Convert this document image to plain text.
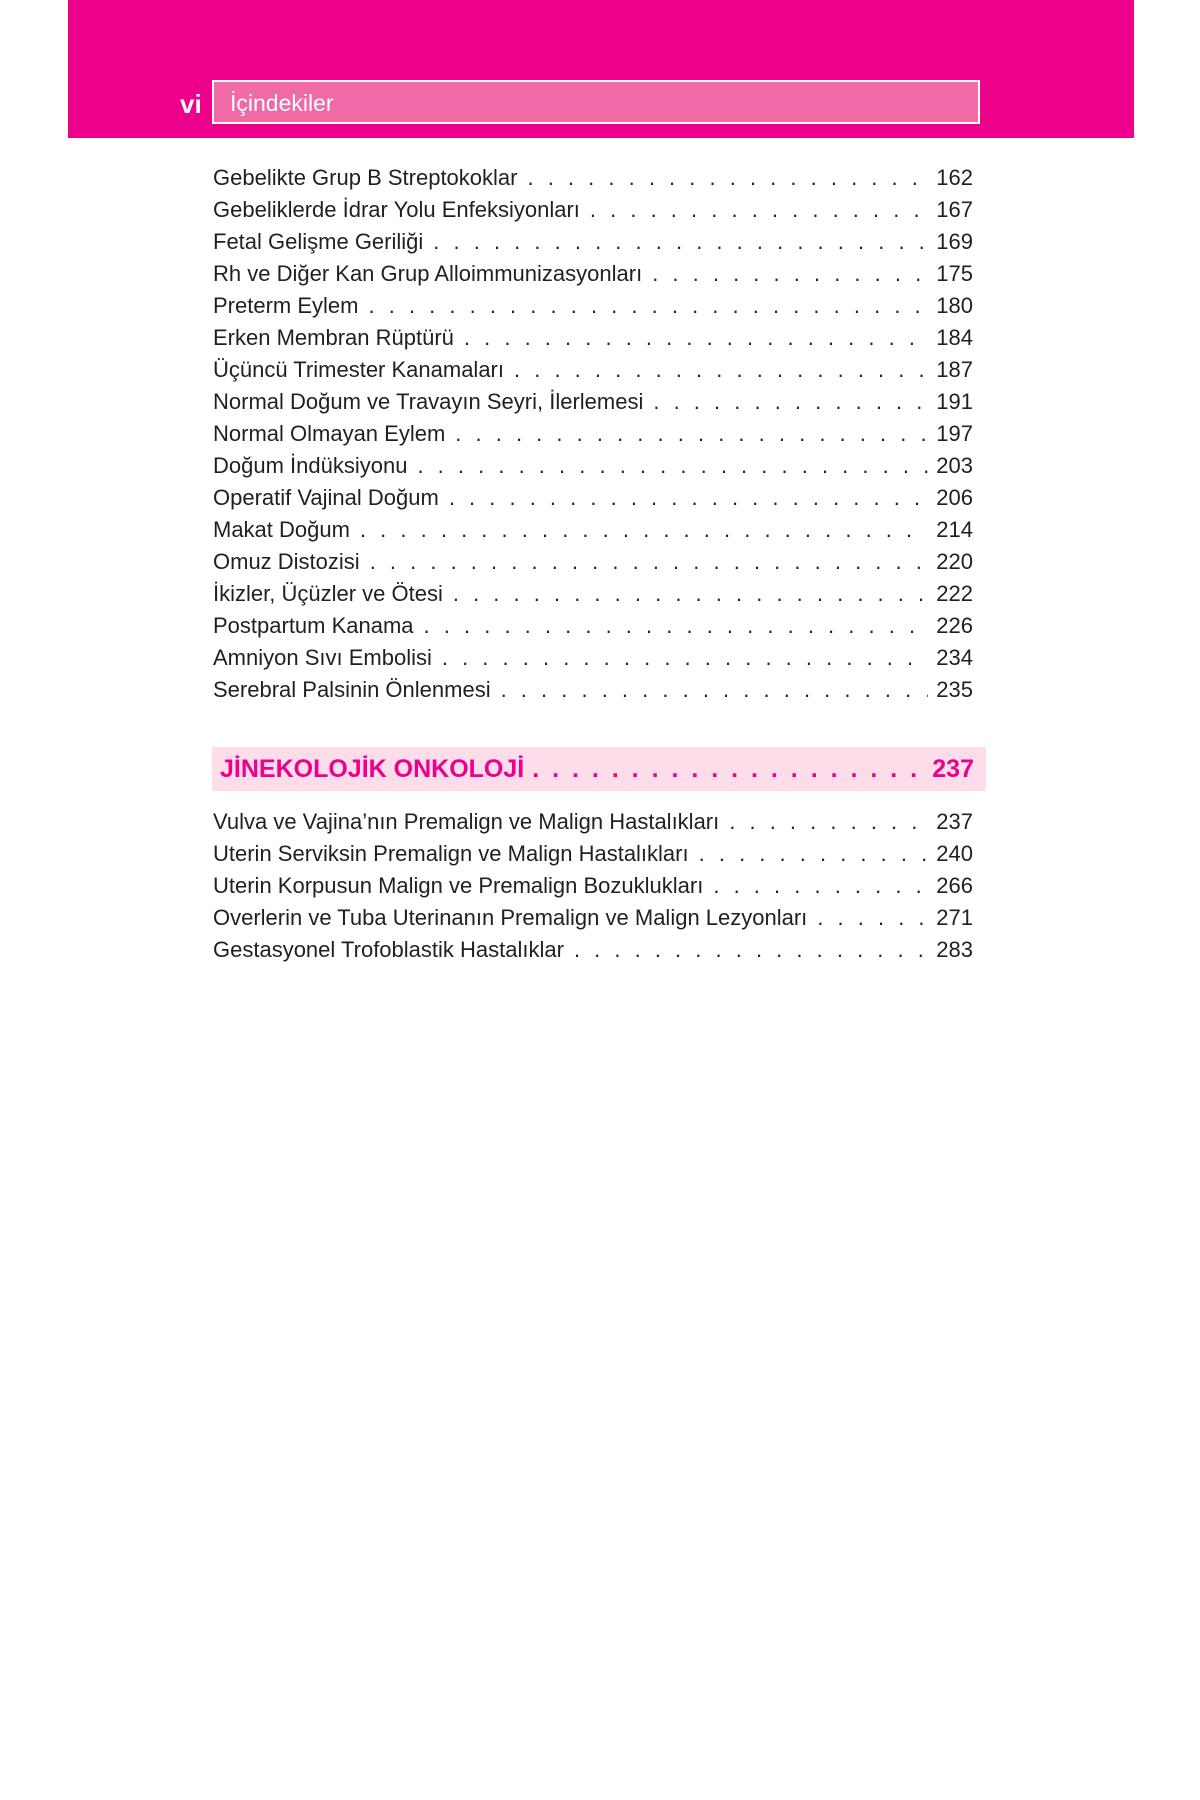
vi İçindekiler
Gebelikte Grup B Streptokoklar . . .	162
Gebeliklerde İdrar Yolu Enfeksiyonları . . .	167
Fetal Gelişme Geriliği . . .	169
Rh ve Diğer Kan Grup Alloimmunizasyonları . . .	175
Preterm Eylem . . .	180
Erken Membran Rüptürü . . .	184
Üçüncü Trimester Kanamaları . . .	187
Normal Doğum ve Travayın Seyri, İlerlemesi . . .	191
Normal Olmayan Eylem . . .	197
Doğum İndüksiyonu . . .	203
Operatif Vajinal Doğum . . .	206
Makat Doğum . . .	214
Omuz Distozisi . . .	220
İkizler, Üçüzler ve Ötesi . . .	222
Postpartum Kanama . . .	226
Amniyon Sıvı Embolisi . . .	234
Serebral Palsinin Önlenmesi . . .	235
JİNEKOLOJİK ONKOLOJİ . . .	237
Vulva ve Vajina’nın Premalign ve Malign Hastalıkları . . .	237
Uterin Serviksin Premalign ve Malign Hastalıkları . . .	240
Uterin Korpusun Malign ve Premalign Bozuklukları . . .	266
Overlerin ve Tuba Uterinanın Premalign ve Malign Lezyonları . . .	271
Gestasyonel Trofoblastik Hastalıklar . . .	283
